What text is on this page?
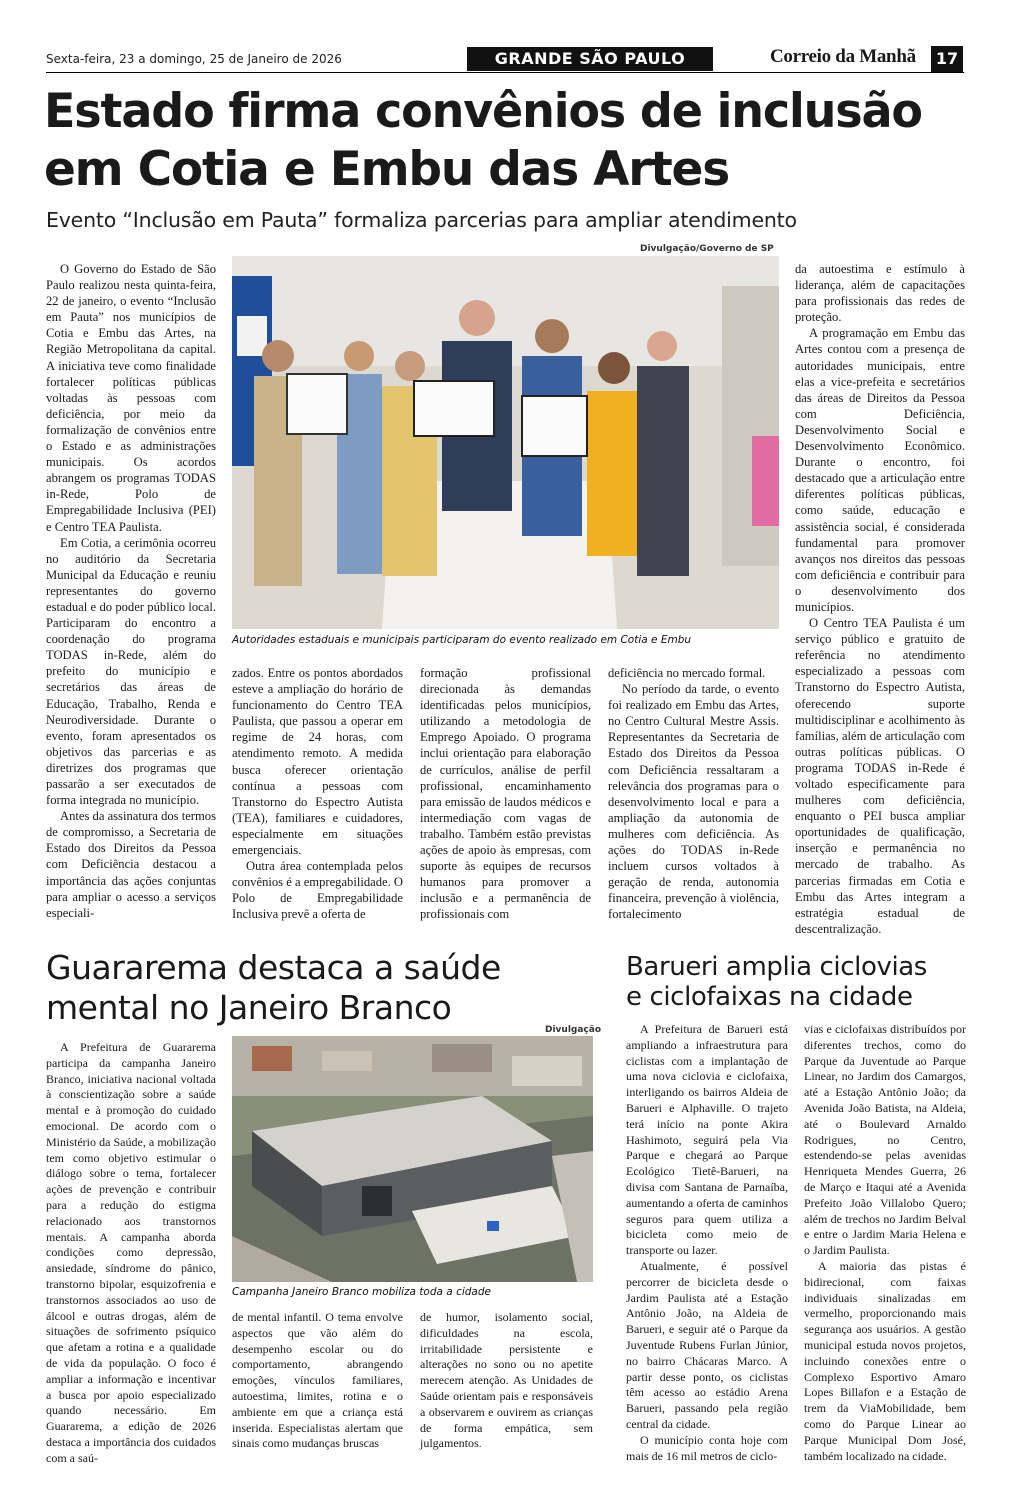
Sexta-feira, 23 a domingo, 25 de Janeiro de 2026	GRANDE SÃO PAULO	Correio da Manhã	17
Estado firma convênios de inclusão
em Cotia e Embu das Artes
Evento “Inclusão em Pauta” formaliza parcerias para ampliar atendimento
Divulgação/Governo de SP
Autoridades estaduais e municipais participaram do evento realizado em Cotia e Embu

O Governo do Estado de São Paulo realizou nesta quinta-feira, 22 de janeiro, o evento “Inclusão em Pauta” nos municípios de Cotia e Embu das Artes, na Região Metropolitana da capital. A iniciativa teve como finalidade fortalecer políticas públicas voltadas às pessoas com deficiência, por meio da formalização de convênios entre o Estado e as administrações municipais. Os acordos abrangem os programas TODAS in-Rede, Polo de Empregabilidade Inclusiva (PEI) e Centro TEA Paulista.

Em Cotia, a cerimônia ocorreu no auditório da Secretaria Municipal da Educação e reuniu representantes do governo estadual e do poder público local. Participaram do encontro a coordenação do programa TODAS in-Rede, além do prefeito do município e secretários das áreas de Educação, Trabalho, Renda e Neurodiversidade. Durante o evento, foram apresentados os objetivos das parcerias e as diretrizes dos programas que passarão a ser executados de forma integrada no município.

Antes da assinatura dos termos de compromisso, a Secretaria de Estado dos Direitos da Pessoa com Deficiência destacou a importância das ações conjuntas para ampliar o acesso a serviços especiali-

zados. Entre os pontos abordados esteve a ampliação do horário de funcionamento do Centro TEA Paulista, que passou a operar em regime de 24 horas, com atendimento remoto. A medida busca oferecer orientação contínua a pessoas com Transtorno do Espectro Autista (TEA), familiares e cuidadores, especialmente em situações emergenciais.

Outra área contemplada pelos convênios é a empregabilidade. O Polo de Empregabilidade Inclusiva prevê a oferta de

formação profissional direcionada às demandas identificadas pelos municípios, utilizando a metodologia de Emprego Apoiado. O programa inclui orientação para elaboração de currículos, análise de perfil profissional, encaminhamento para emissão de laudos médicos e intermediação com vagas de trabalho. Também estão previstas ações de apoio às empresas, com suporte às equipes de recursos humanos para promover a inclusão e a permanência de profissionais com

deficiência no mercado formal.

No período da tarde, o evento foi realizado em Embu das Artes, no Centro Cultural Mestre Assis. Representantes da Secretaria de Estado dos Direitos da Pessoa com Deficiência ressaltaram a relevância dos programas para o desenvolvimento local e para a ampliação da autonomia de mulheres com deficiência. As ações do TODAS in-Rede incluem cursos voltados à geração de renda, autonomia financeira, prevenção à violência, fortalecimento

da autoestima e estímulo à liderança, além de capacitações para profissionais das redes de proteção.

A programação em Embu das Artes contou com a presença de autoridades municipais, entre elas a vice-prefeita e secretários das áreas de Direitos da Pessoa com Deficiência, Desenvolvimento Social e Desenvolvimento Econômico. Durante o encontro, foi destacado que a articulação entre diferentes políticas públicas, como saúde, educação e assistência social, é considerada fundamental para promover avanços nos direitos das pessoas com deficiência e contribuir para o desenvolvimento dos municípios.

O Centro TEA Paulista é um serviço público e gratuito de referência no atendimento especializado a pessoas com Transtorno do Espectro Autista, oferecendo suporte multidisciplinar e acolhimento às famílias, além de articulação com outras políticas públicas. O programa TODAS in-Rede é voltado especificamente para mulheres com deficiência, enquanto o PEI busca ampliar oportunidades de qualificação, inserção e permanência no mercado de trabalho. As parcerias firmadas em Cotia e Embu das Artes integram a estratégia estadual de descentralização.

Guararema destaca a saúde
mental no Janeiro Branco
Divulgação
Campanha Janeiro Branco mobiliza toda a cidade

A Prefeitura de Guararema participa da campanha Janeiro Branco, iniciativa nacional voltada à conscientização sobre a saúde mental e à promoção do cuidado emocional. De acordo com o Ministério da Saúde, a mobilização tem como objetivo estimular o diálogo sobre o tema, fortalecer ações de prevenção e contribuir para a redução do estigma relacionado aos transtornos mentais. A campanha aborda condições como depressão, ansiedade, síndrome do pânico, transtorno bipolar, esquizofrenia e transtornos associados ao uso de álcool e outras drogas, além de situações de sofrimento psíquico que afetam a rotina e a qualidade de vida da população. O foco é ampliar a informação e incentivar a busca por apoio especializado quando necessário. Em Guararema, a edição de 2026 destaca a importância dos cuidados com a saú-

de mental infantil. O tema envolve aspectos que vão além do desempenho escolar ou do comportamento, abrangendo emoções, vínculos familiares, autoestima, limites, rotina e o ambiente em que a criança está inserida. Especialistas alertam que sinais como mudanças bruscas

de humor, isolamento social, dificuldades na escola, irritabilidade persistente e alterações no sono ou no apetite merecem atenção. As Unidades de Saúde orientam pais e responsáveis a observarem e ouvirem as crianças de forma empática, sem julgamentos.

Barueri amplia ciclovias
e ciclofaixas na cidade

A Prefeitura de Barueri está ampliando a infraestrutura para ciclistas com a implantação de uma nova ciclovia e ciclofaixa, interligando os bairros Aldeia de Barueri e Alphaville. O trajeto terá início na ponte Akira Hashimoto, seguirá pela Via Parque e chegará ao Parque Ecológico Tietê-Barueri, na divisa com Santana de Parnaíba, aumentando a oferta de caminhos seguros para quem utiliza a bicicleta como meio de transporte ou lazer.

Atualmente, é possível percorrer de bicicleta desde o Jardim Paulista até a Estação Antônio João, na Aldeia de Barueri, e seguir até o Parque da Juventude Rubens Furlan Júnior, no bairro Chácaras Marco. A partir desse ponto, os ciclistas têm acesso ao estádio Arena Barueri, passando pela região central da cidade.

O município conta hoje com mais de 16 mil metros de ciclo-

vias e ciclofaixas distribuídos por diferentes trechos, como do Parque da Juventude ao Parque Linear, no Jardim dos Camargos, até a Estação Antônio João; da Avenida João Batista, na Aldeia, até o Boulevard Arnaldo Rodrigues, no Centro, estendendo-se pelas avenidas Henriqueta Mendes Guerra, 26 de Março e Itaqui até a Avenida Prefeito João Villalobo Quero; além de trechos no Jardim Belval e entre o Jardim Maria Helena e o Jardim Paulista.

A maioria das pistas é bidirecional, com faixas individuais sinalizadas em vermelho, proporcionando mais segurança aos usuários. A gestão municipal estuda novos projetos, incluindo conexões entre o Complexo Esportivo Amaro Lopes Billafon e a Estação de trem da ViaMobilidade, bem como do Parque Linear ao Parque Municipal Dom José, também localizado na cidade.
